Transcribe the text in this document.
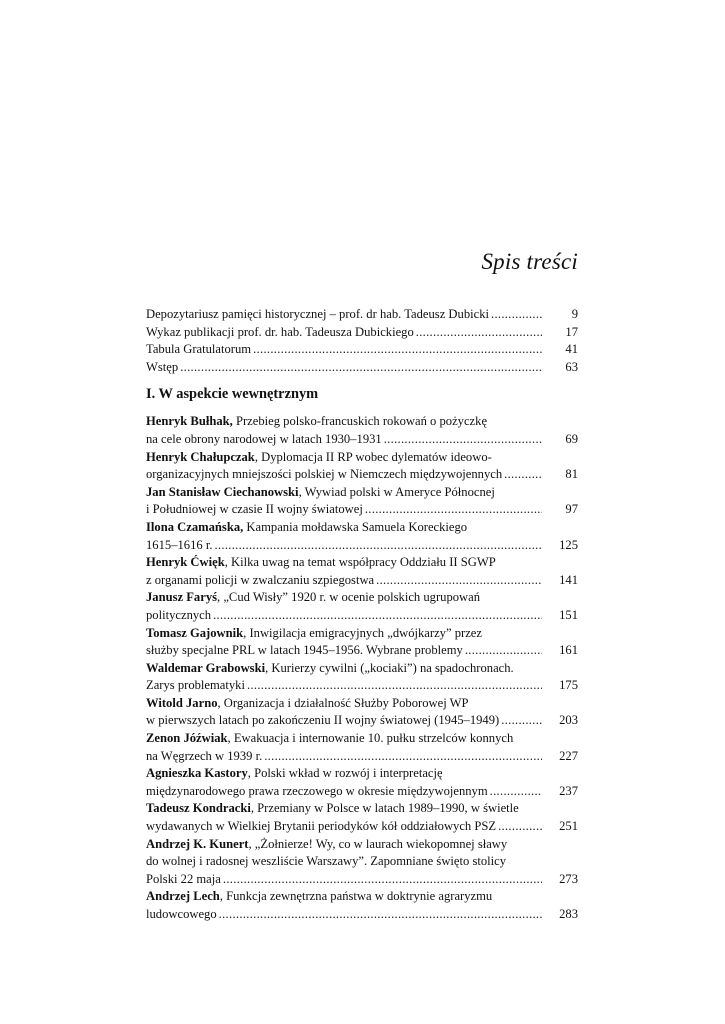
Spis treści
Depozytariusz pamięci historycznej – prof. dr hab. Tadeusz Dubicki .....	9
Wykaz publikacji prof. dr. hab. Tadeusza Dubickiego .....	17
Tabula Gratulatorum .....	41
Wstęp .....	63
I. W aspekcie wewnętrznym
Henryk Bułhak, Przebieg polsko-francuskich rokowań o pożyczkę
na cele obrony narodowej w latach 1930–1931 .....	69
Henryk Chałupczak, Dyplomacja II RP wobec dylematów ideowo-
organizacyjnych mniejszości polskiej w Niemczech międzywojennych .....	81
Jan Stanisław Ciechanowski, Wywiad polski w Ameryce Północnej
i Południowej w czasie II wojny światowej .....	97
Ilona Czamańska, Kampania mołdawska Samuela Koreckiego
1615–1616 r. .....	125
Henryk Ćwięk, Kilka uwag na temat współpracy Oddziału II SGWP
z organami policji w zwalczaniu szpiegostwa .....	141
Janusz Faryś, „Cud Wisły” 1920 r. w ocenie polskich ugrupowań
politycznych .....	151
Tomasz Gajownik, Inwigilacja emigracyjnych „dwójkarzy” przez
służby specjalne PRL w latach 1945–1956. Wybrane problemy .....	161
Waldemar Grabowski, Kurierzy cywilni („kociaki”) na spadochronach.
Zarys problematyki .....	175
Witold Jarno, Organizacja i działalność Służby Poborowej WP
w pierwszych latach po zakończeniu II wojny światowej (1945–1949) .....	203
Zenon Jóźwiak, Ewakuacja i internowanie 10. pułku strzelców konnych
na Węgrzech w 1939 r. .....	227
Agnieszka Kastory, Polski wkład w rozwój i interpretację
międzynarodowego prawa rzeczowego w okresie międzywojennym .....	237
Tadeusz Kondracki, Przemiany w Polsce w latach 1989–1990, w świetle
wydawanych w Wielkiej Brytanii periodyków kół oddziałowych PSZ .....	251
Andrzej K. Kunert, „Żołnierze! Wy, co w laurach wiekopomnej sławy
do wolnej i radosnej weszliście Warszawy”. Zapomniane święto stolicy
Polski 22 maja .....	273
Andrzej Lech, Funkcja zewnętrzna państwa w doktrynie agraryzmu
ludowcowego .....	283
